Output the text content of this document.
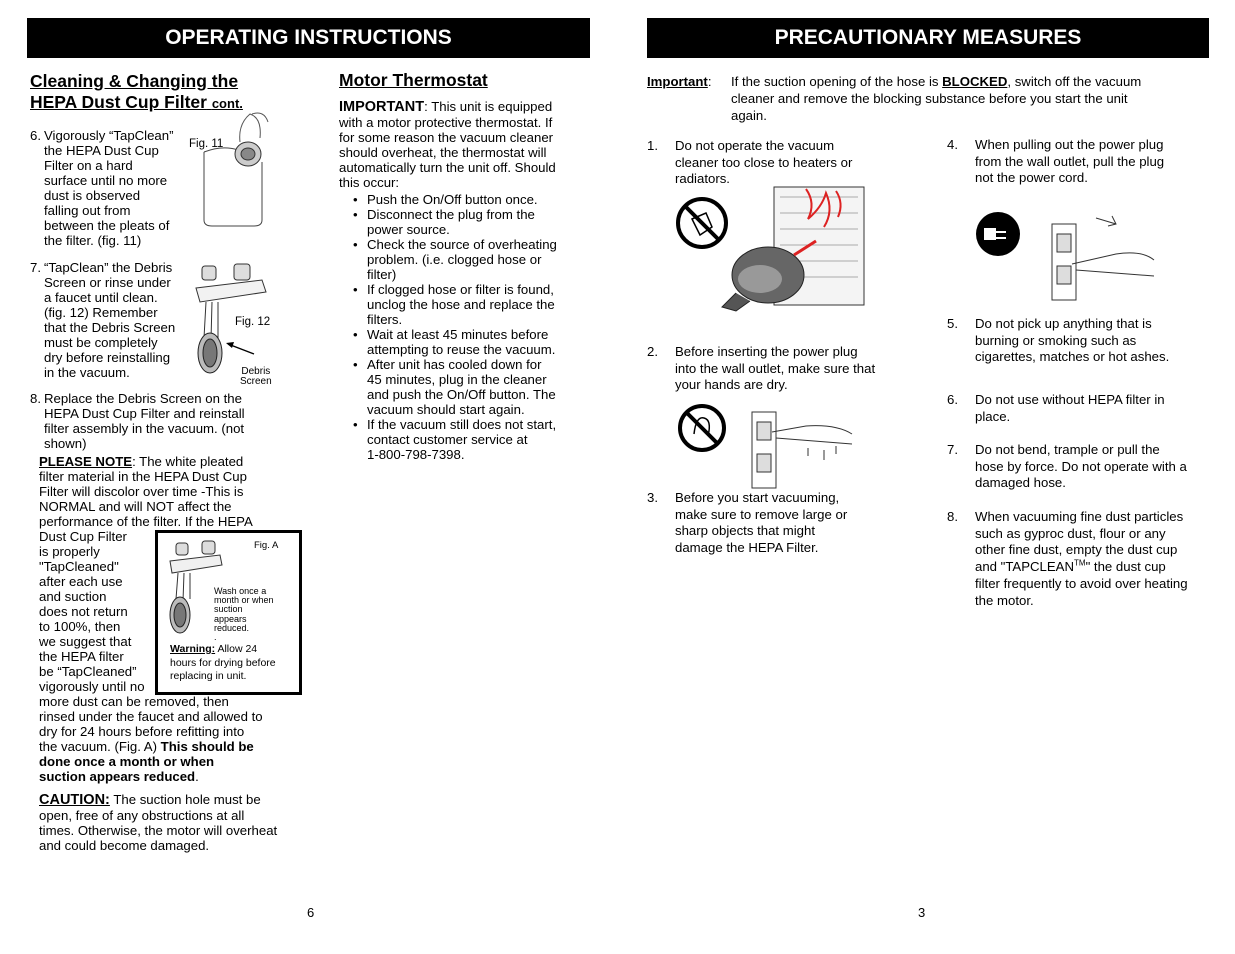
OPERATING INSTRUCTIONS
Cleaning & Changing the
HEPA Dust Cup Filter cont.
6. Vigorously “TapClean”
the HEPA Dust Cup
Filter on a hard
surface until no more
dust is observed
falling out from
between the pleats of
the filter. (fig. 11)
Fig. 11
7. “TapClean” the Debris
Screen or rinse under
a faucet until clean.
(fig. 12) Remember
that the Debris Screen
must be completely
dry before reinstalling
in the vacuum.
Fig. 12
Debris
Screen
8. Replace the Debris Screen on the
HEPA Dust Cup Filter and reinstall
filter assembly in the vacuum. (not
shown)
PLEASE NOTE: The white pleated
filter material in the HEPA Dust Cup
Filter will discolor over time -This is
NORMAL and will NOT affect the
performance of the filter. If the HEPA
Dust Cup Filter
is properly
"TapCleaned"
after each use
and suction
does not return
to 100%, then
we suggest that
the HEPA filter
be “TapCleaned”
vigorously until no
more dust can be removed, then
rinsed under the faucet and allowed to
dry for 24 hours before refitting into
the vacuum. (Fig. A) This should be
done once a month or when
suction appears reduced.
Fig. A
Wash once a
month or when
suction
appears
reduced.
.
Warning: Allow 24
hours for drying before
replacing in unit.
CAUTION: The suction hole must be
open, free of any obstructions at all
times. Otherwise, the motor will overheat
and could become damaged.
Motor Thermostat
IMPORTANT: This unit is equipped
with a motor protective thermostat. If
for some reason the vacuum cleaner
should overheat, the thermostat will
automatically turn the unit off. Should
this occur:
• Push the On/Off button once.
• Disconnect the plug from the
power source.
• Check the source of overheating
problem. (i.e. clogged hose or
filter)
• If clogged hose or filter is found,
unclog the hose and replace the
filters.
• Wait at least 45 minutes before
attempting to reuse the vacuum.
• After unit has cooled down for
45 minutes, plug in the cleaner
and push the On/Off button. The
vacuum should start again.
• If the vacuum still does not start,
contact customer service at
1-800-798-7398.
6
PRECAUTIONARY MEASURES
Important: If the suction opening of the hose is BLOCKED, switch off the vacuum
cleaner and remove the blocking substance before you start the unit
again.
1. Do not operate the vacuum
cleaner too close to heaters or
radiators.
2. Before inserting the power plug
into the wall outlet, make sure that
your hands are dry.
3. Before you start vacuuming,
make sure to remove large or
sharp objects that might
damage the HEPA Filter.
4. When pulling out the power plug
from the wall outlet, pull the plug
not the power cord.
5. Do not pick up anything that is
burning or smoking such as
cigarettes, matches or hot ashes.
6. Do not use without HEPA filter in
place.
7. Do not bend, trample or pull the
hose by force. Do not operate with a
damaged hose.
8. When vacuuming fine dust particles
such as gyproc dust, flour or any
other fine dust, empty the dust cup
and "TAPCLEAN™" the dust cup
filter frequently to avoid over heating
the motor.
3
